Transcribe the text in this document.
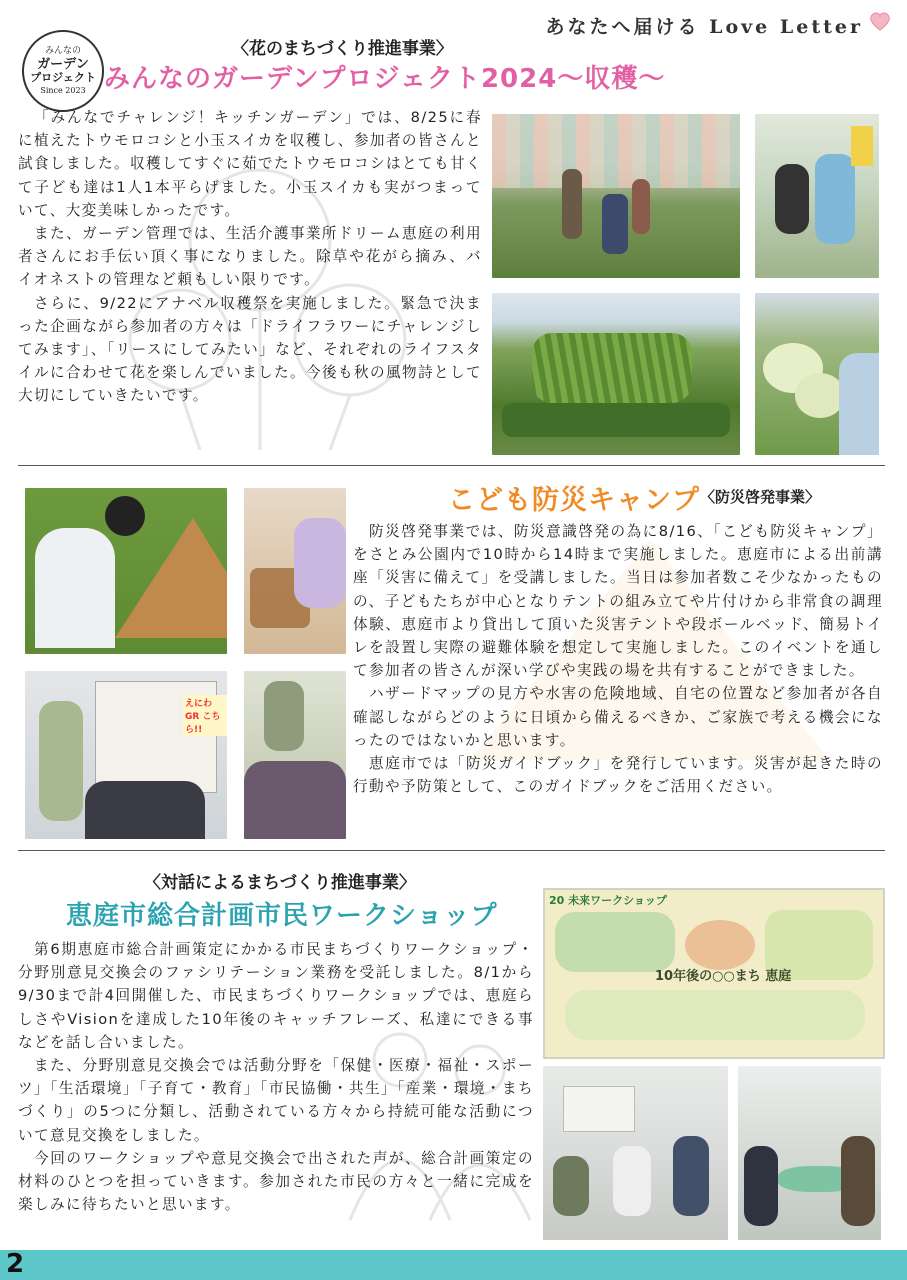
あなたへ届ける Love Letter
みんなの
ガーデン
プロジェクト
Since 2023
〈花のまちづくり推進事業〉
みんなのガーデンプロジェクト2024〜収穫〜

「みんなでチャレンジ！キッチンガーデン」では、8/25に春に植えたトウモロコシと小玉スイカを収穫し、参加者の皆さんと試食しました。収穫してすぐに茹でたトウモロコシはとても甘くて子ども達は1人1本平らげました。小玉スイカも実がつまっていて、大変美味しかったです。

また、ガーデン管理では、生活介護事業所ドリーム恵庭の利用者さんにお手伝い頂く事になりました。除草や花がら摘み、バイオネストの管理など頼もしい限りです。

さらに、9/22にアナベル収穫祭を実施しました。緊急で決まった企画ながら参加者の方々は「ドライフラワーにチャレンジしてみます」、「リースにしてみたい」など、それぞれのライフスタイルに合わせて花を楽しんでいました。今後も秋の風物詩として大切にしていきたいです。

えにわGR こちら!!
こども防災キャンプ 〈防災啓発事業〉

防災啓発事業では、防災意識啓発の為に8/16、「こども防災キャンプ」をさとみ公園内で10時から14時まで実施しました。恵庭市による出前講座「災害に備えて」を受講しました。当日は参加者数こそ少なかったものの、子どもたちが中心となりテントの組み立てや片付けから非常食の調理体験、恵庭市より貸出して頂いた災害テントや段ボールベッド、簡易トイレを設置し実際の避難体験を想定して実施しました。このイベントを通して参加者の皆さんが深い学びや実践の場を共有することができました。

ハザードマップの見方や水害の危険地域、自宅の位置など参加者が各自確認しながらどのように日頃から備えるべきか、ご家族で考える機会になったのではないかと思います。

恵庭市では「防災ガイドブック」を発行しています。災害が起きた時の行動や予防策として、このガイドブックをご活用ください。

〈対話によるまちづくり推進事業〉
恵庭市総合計画市民ワークショップ

第6期恵庭市総合計画策定にかかる市民まちづくりワークショップ・分野別意見交換会のファシリテーション業務を受託しました。8/1から9/30まで計4回開催した、市民まちづくりワークショップでは、恵庭らしさやVisionを達成した10年後のキャッチフレーズ、私達にできる事などを話し合いました。

また、分野別意見交換会では活動分野を「保健・医療・福祉・スポーツ」「生活環境」「子育て・教育」「市民協働・共生」「産業・環境・まちづくり」の5つに分類し、活動されている方々から持続可能な活動について意見交換をしました。

今回のワークショップや意見交換会で出された声が、総合計画策定の材料のひとつを担っていきます。参加された市民の方々と一緒に完成を楽しみに待ちたいと思います。

20 未来ワークショップ
10年後の○○まち 恵庭
2
